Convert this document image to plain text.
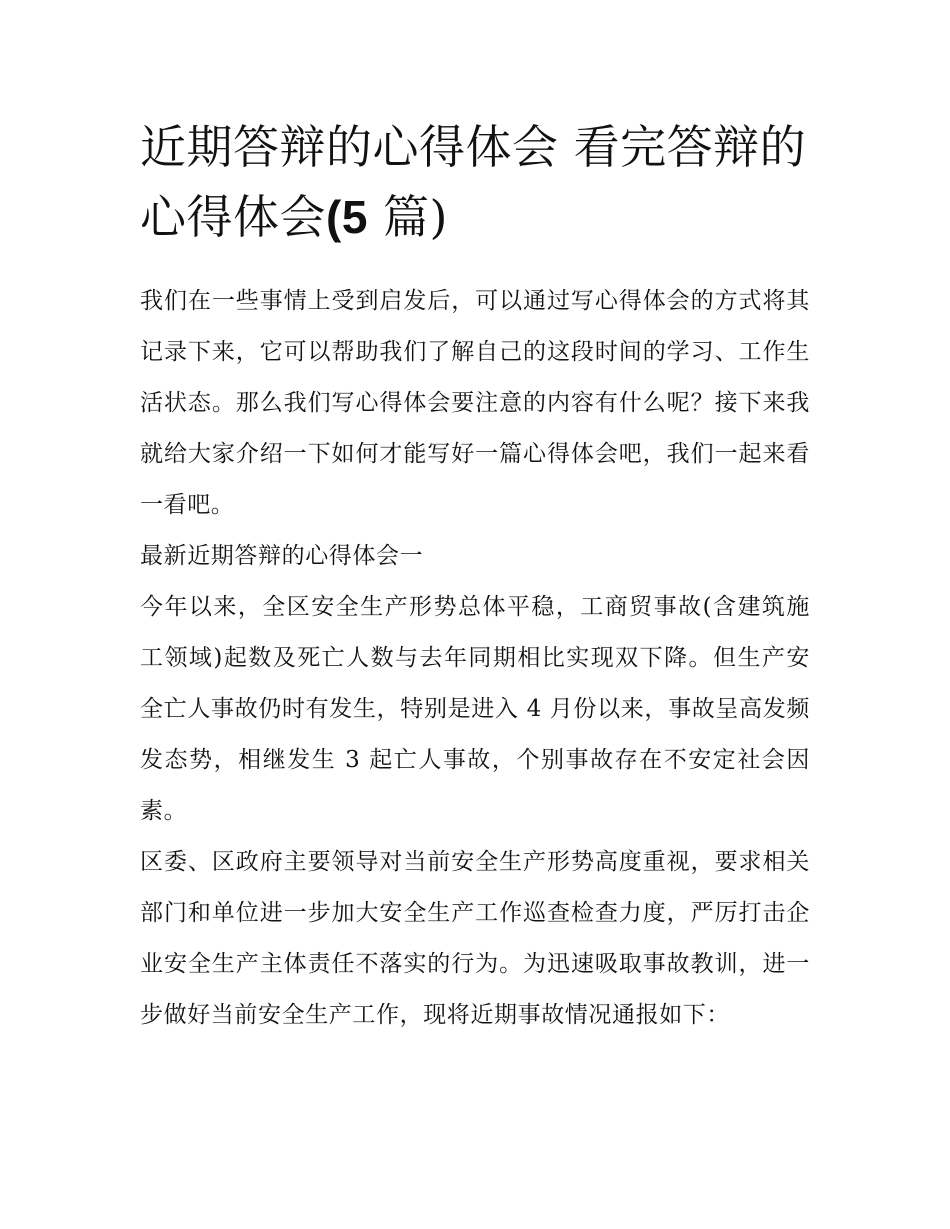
近期答辩的心得体会 看完答辩的心得体会(5 篇)

我们在一些事情上受到启发后，可以通过写心得体会的方式将其记录下来，它可以帮助我们了解自己的这段时间的学习、工作生活状态。那么我们写心得体会要注意的内容有什么呢？接下来我就给大家介绍一下如何才能写好一篇心得体会吧，我们一起来看一看吧。

最新近期答辩的心得体会一

今年以来，全区安全生产形势总体平稳，工商贸事故(含建筑施工领域)起数及死亡人数与去年同期相比实现双下降。但生产安全亡人事故仍时有发生，特别是进入 4 月份以来，事故呈高发频发态势，相继发生 3 起亡人事故，个别事故存在不安定社会因素。

区委、区政府主要领导对当前安全生产形势高度重视，要求相关部门和单位进一步加大安全生产工作巡查检查力度，严厉打击企业安全生产主体责任不落实的行为。为迅速吸取事故教训，进一步做好当前安全生产工作，现将近期事故情况通报如下：
